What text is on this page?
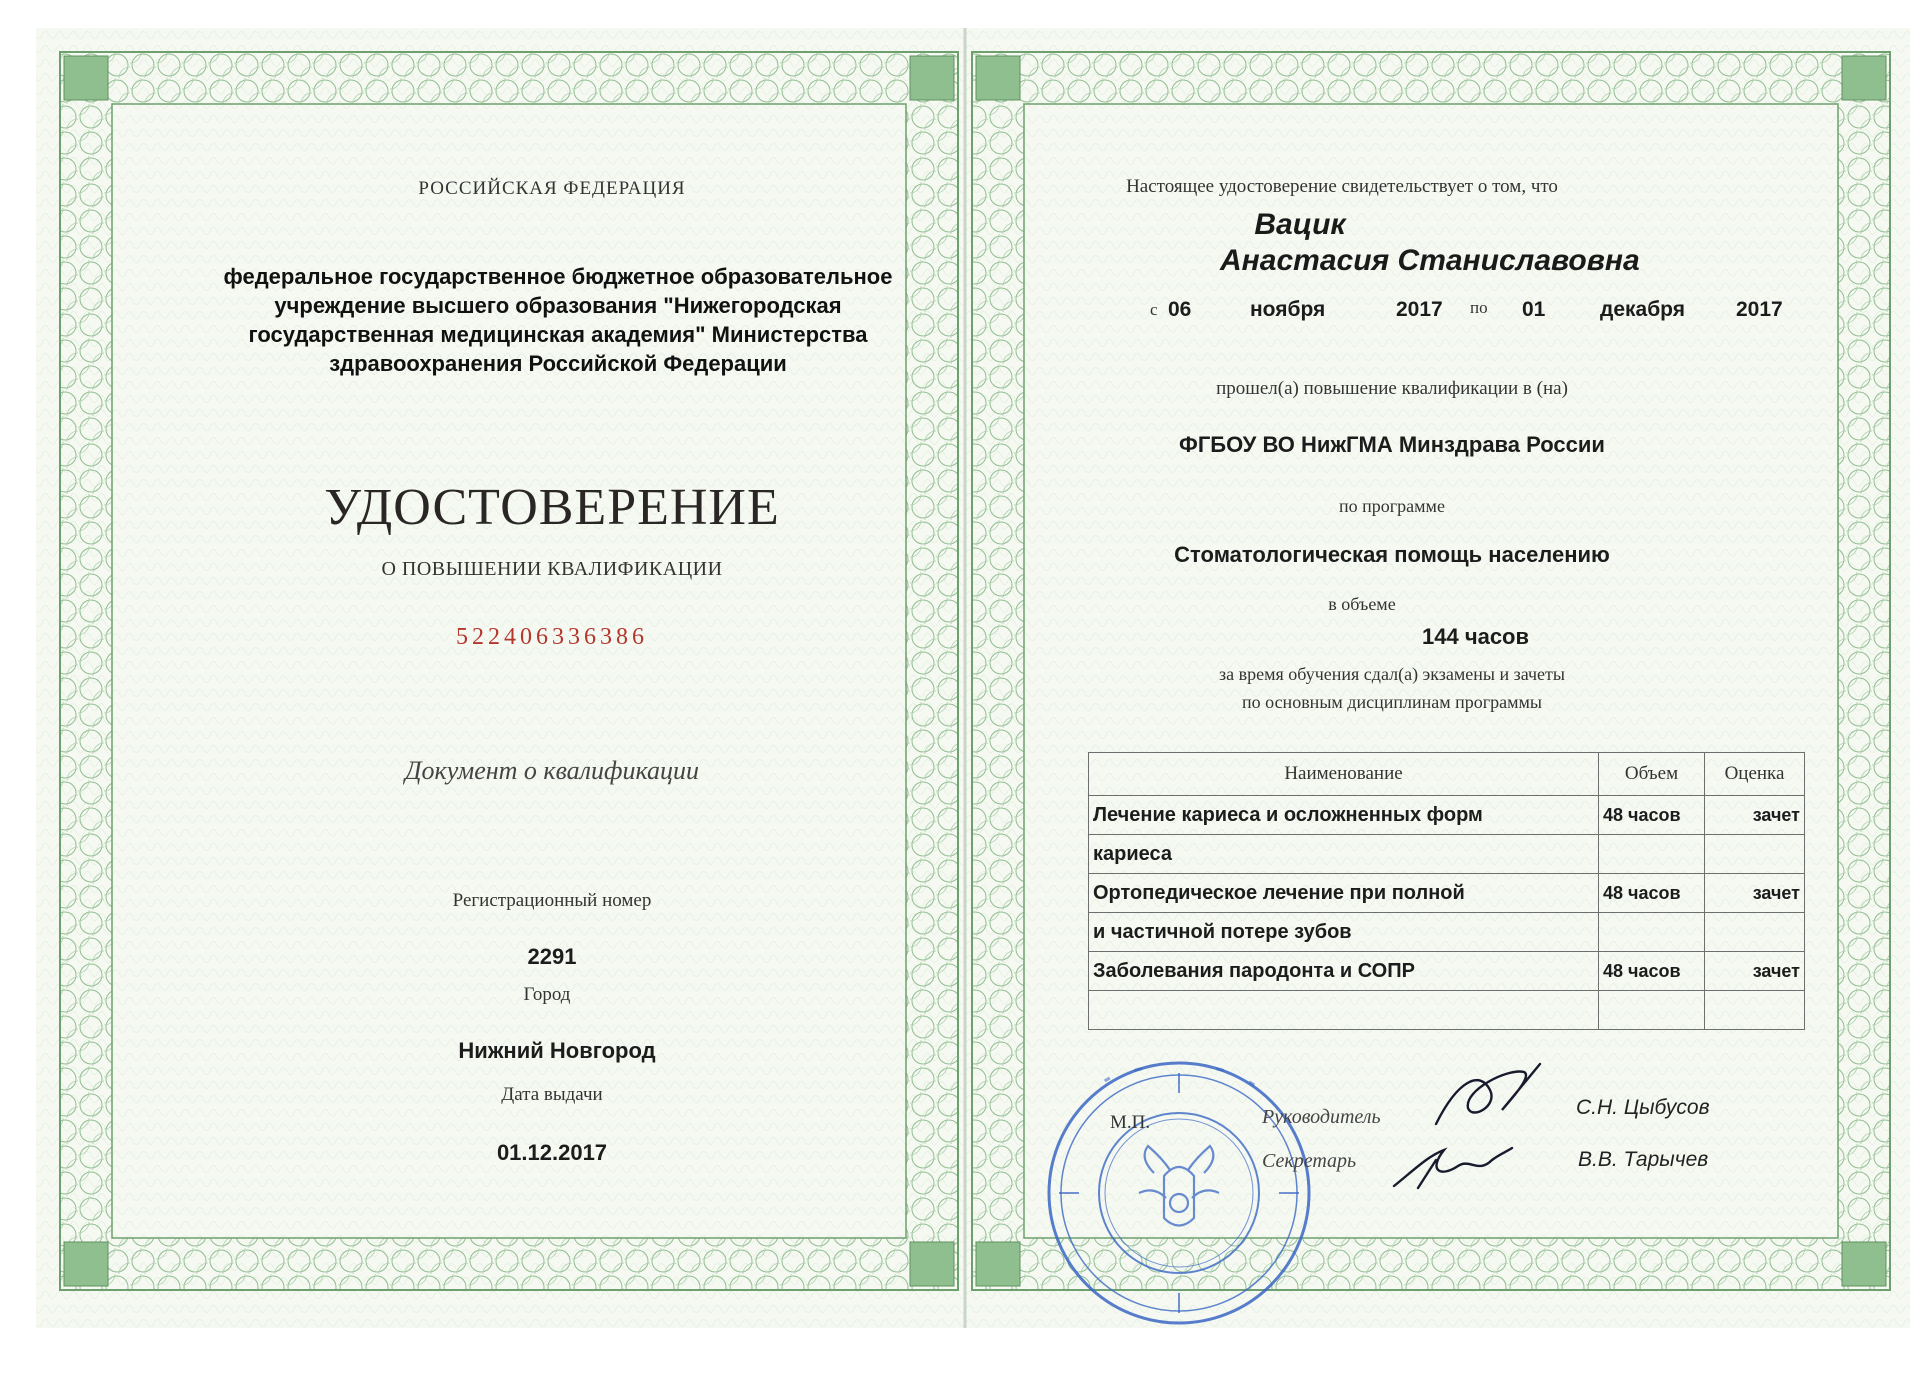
РОССИЙСКАЯ ФЕДЕРАЦИЯ
федеральное государственное бюджетное образовательное учреждение высшего образования "Нижегородская государственная медицинская академия" Министерства здравоохранения Российской Федерации
УДОСТОВЕРЕНИЕ
О ПОВЫШЕНИИ КВАЛИФИКАЦИИ
522406336386
Документ о квалификации
Регистрационный номер
2291
Город
Нижний Новгород
Дата выдачи
01.12.2017
Настоящее удостоверение свидетельствует о том, что
Вацик
Анастасия Станиславовна
с 06	ноября	2017 по 01	декабря 2017
прошел(а) повышение квалификации в (на)
ФГБОУ ВО НижГМА Минздрава России
по программе
Стоматологическая помощь населению
в объеме
144 часов
за время обучения сдал(а) экзамены и зачеты
по основным дисциплинам программы
Наименование	Объем	Оценка
Лечение кариеса и осложненных форм	48 часов	зачет
кариеса		
Ортопедическое лечение при полной	48 часов	зачет
и частичной потере зубов		
Заболевания пародонта и СОПР	48 часов	зачет

М.П.	Руководитель
Секретарь
С.Н. Цыбусов
В.В. Тарычев
